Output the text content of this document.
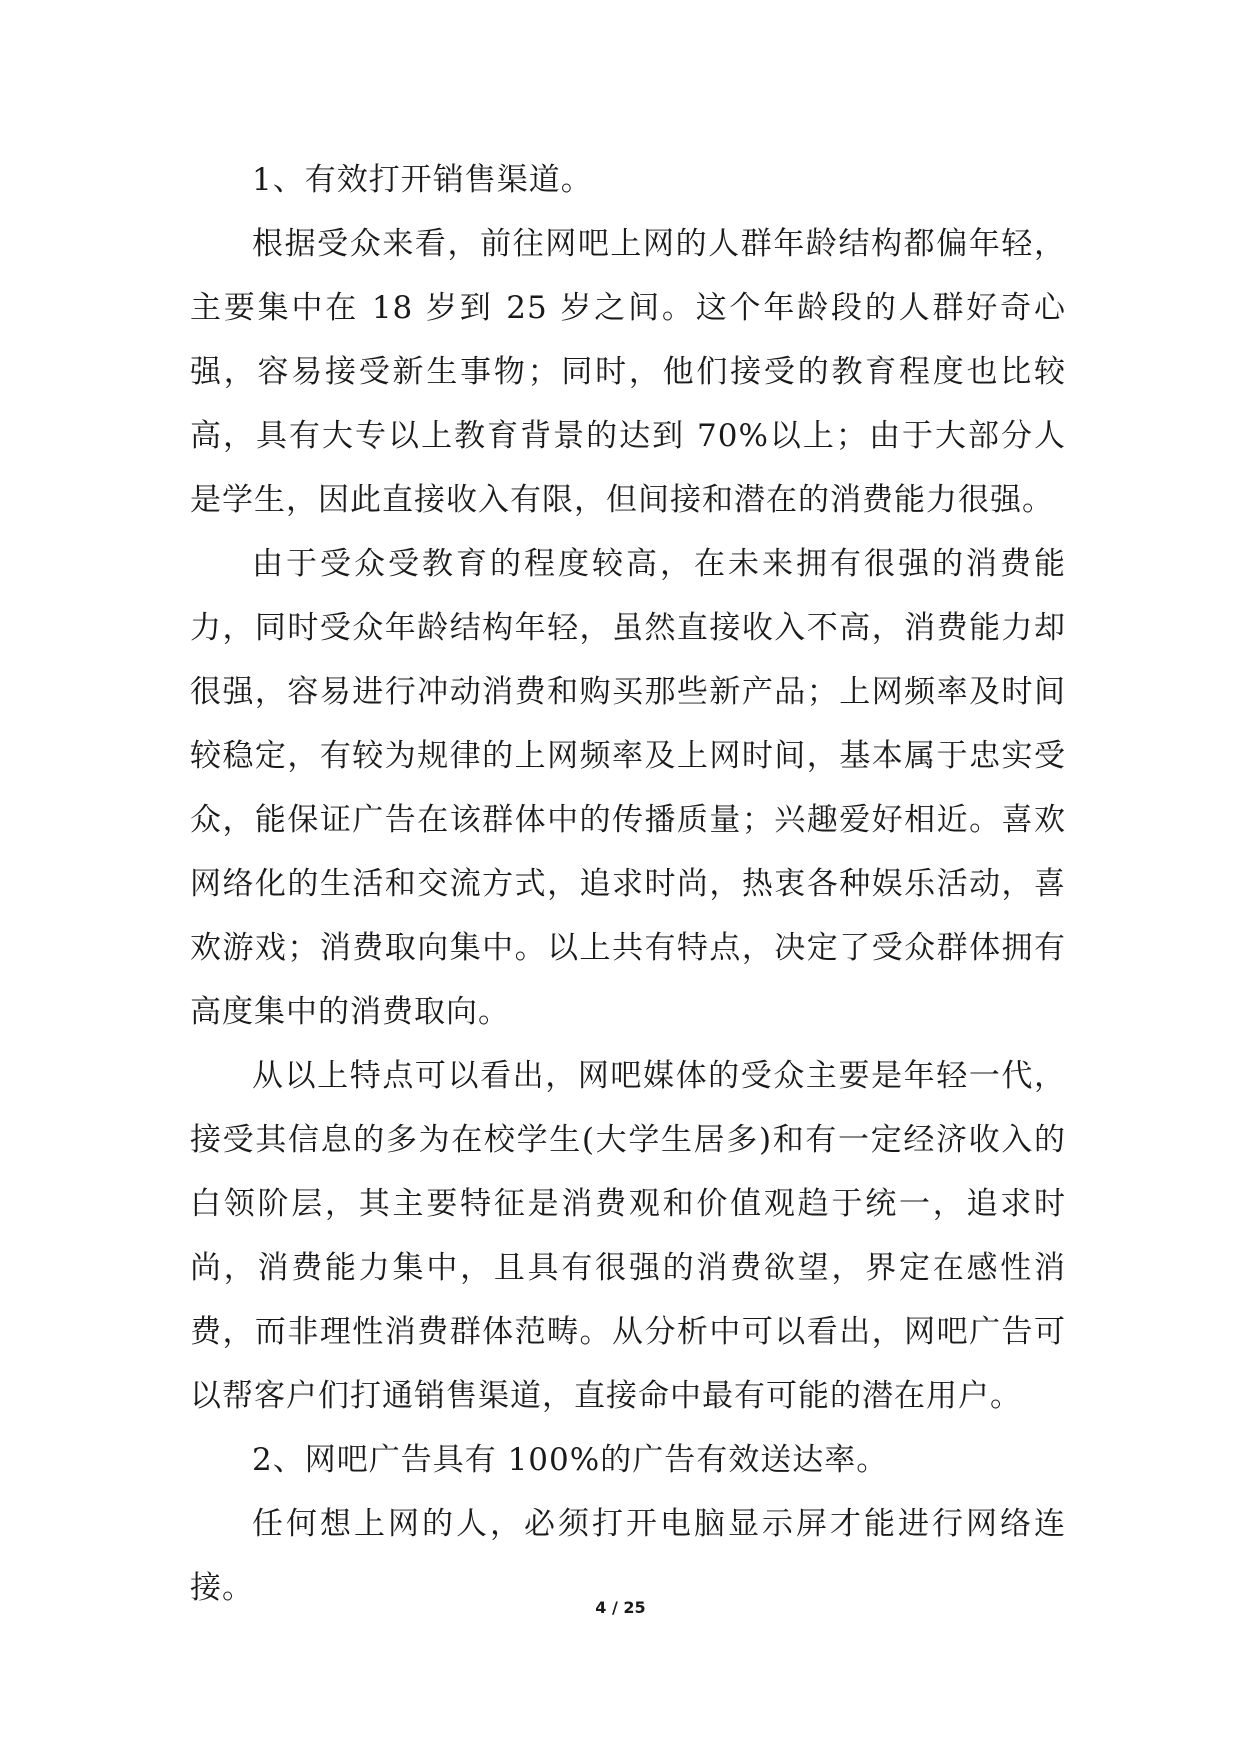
1、有效打开销售渠道。

根据受众来看，前往网吧上网的人群年龄结构都偏年轻，主要集中在 18 岁到 25 岁之间。这个年龄段的人群好奇心强，容易接受新生事物；同时，他们接受的教育程度也比较高，具有大专以上教育背景的达到 70%以上；由于大部分人是学生，因此直接收入有限，但间接和潜在的消费能力很强。

由于受众受教育的程度较高，在未来拥有很强的消费能力，同时受众年龄结构年轻，虽然直接收入不高，消费能力却很强，容易进行冲动消费和购买那些新产品；上网频率及时间较稳定，有较为规律的上网频率及上网时间，基本属于忠实受众，能保证广告在该群体中的传播质量；兴趣爱好相近。喜欢网络化的生活和交流方式，追求时尚，热衷各种娱乐活动，喜欢游戏；消费取向集中。以上共有特点，决定了受众群体拥有高度集中的消费取向。

从以上特点可以看出，网吧媒体的受众主要是年轻一代，接受其信息的多为在校学生(大学生居多)和有一定经济收入的白领阶层，其主要特征是消费观和价值观趋于统一，追求时尚，消费能力集中，且具有很强的消费欲望，界定在感性消费，而非理性消费群体范畴。从分析中可以看出，网吧广告可以帮客户们打通销售渠道，直接命中最有可能的潜在用户。

2、网吧广告具有 100%的广告有效送达率。

任何想上网的人，必须打开电脑显示屏才能进行网络连接。

4 / 25
